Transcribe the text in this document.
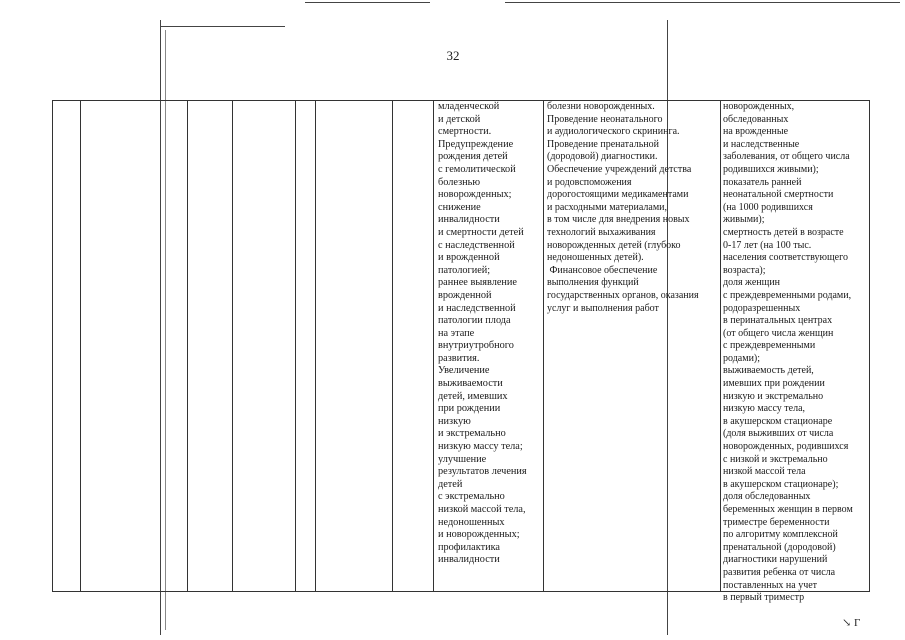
32
младенческой
и детской
смертности.
Предупреждение
рождения детей
с гемолитической
болезнью
новорожденных;
снижение
инвалидности
и смертности детей
с наследственной
и врожденной
патологией;
раннее выявление
врожденной
и наследственной
патологии плода
на этапе
внутриутробного
развития.
Увеличение
выживаемости
детей, имевших
при рождении
низкую
и экстремально
низкую массу тела;
улучшение
результатов лечения
детей
с экстремально
низкой массой тела,
недоношенных
и новорожденных;
профилактика
инвалидности
болезни новорожденных.
Проведение неонатального
и аудиологического скрининга.
Проведение пренатальной
(дородовой) диагностики.
Обеспечение учреждений детства
и родовспоможения
дорогостоящими медикаментами
и расходными материалами,
в том числе для внедрения новых
технологий выхаживания
новорожденных детей (глубоко
недоношенных детей).
Финансовое обеспечение
выполнения функций
государственных органов, оказания
услуг и выполнения работ
новорожденных,
обследованных
на врожденные
и наследственные
заболевания, от общего числа
родившихся живыми);
показатель ранней
неонатальной смертности
(на 1000 родившихся
живыми);
смертность детей в возрасте
0-17 лет (на 100 тыс.
населения соответствующего
возраста);
доля женщин
с преждевременными родами,
родоразрешенных
в перинатальных центрах
(от общего числа женщин
с преждевременными
родами);
выживаемость детей,
имевших при рождении
низкую и экстремально
низкую массу тела,
в акушерском стационаре
(доля выживших от числа
новорожденных, родившихся
с низкой и экстремально
низкой массой тела
в акушерском стационаре);
доля обследованных
беременных женщин в первом
триместре беременности
по алгоритму комплексной
пренатальной (дородовой)
диагностики нарушений
развития ребенка от числа
поставленных на учет
в первый триместр
↘ Г
